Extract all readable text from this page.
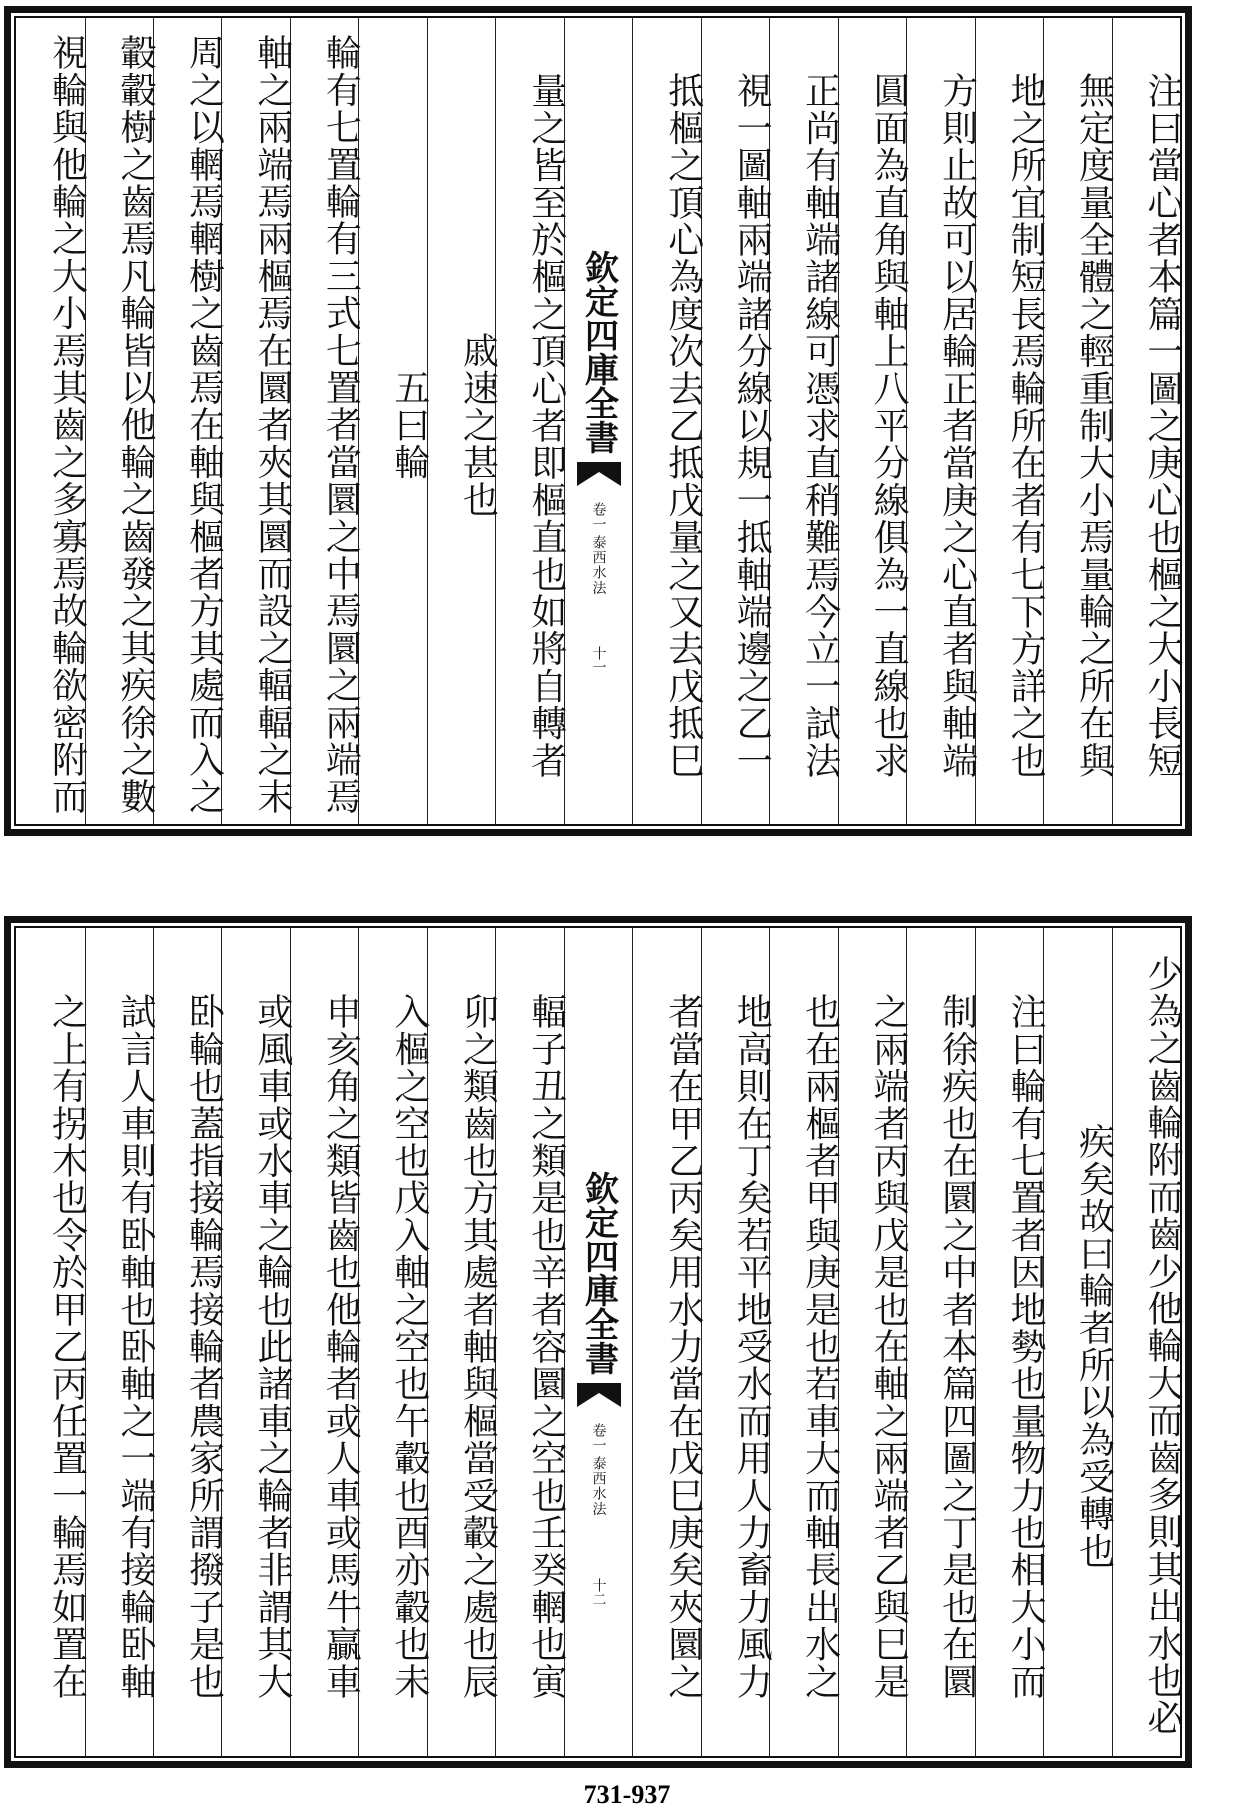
注曰當心者本篇一圖之庚心也樞之大小長短
無定度量全體之輕重制大小焉量輪之所在與
地之所宜制短長焉輪所在者有七下方詳之也
方則止故可以居輪正者當庚之心直者與軸端
圓面為直角與軸上八平分線俱為一直線也求
正尚有軸端諸線可憑求直稍難焉今立一試法
視一圖軸兩端諸分線以規一抵軸端邊之乙一
抵樞之頂心為度次去乙抵戊量之又去戊抵巳
欽定四庫全書
泰西水法
卷一
十一
量之皆至於樞之頂心者即樞直也如將自轉者
戚速之甚也
五曰輪
輪有七置輪有三式七置者當圜之中焉圜之兩端焉
軸之兩端焉兩樞焉在圜者夾其圜而設之輻輻之末
周之以輞焉輞樹之齒焉在軸與樞者方其處而入之
轂轂樹之齒焉凡輪皆以他輪之齒發之其疾徐之數
視輪與他輪之大小焉其齒之多寡焉故輪欲密附而
少為之齒輪附而齒少他輪大而齒多則其出水也必
疾矣故曰輪者所以為受轉也
注曰輪有七置者因地勢也量物力也相大小而
制徐疾也在圜之中者本篇四圖之丁是也在圜
之兩端者丙與戊是也在軸之兩端者乙與巳是
也在兩樞者甲與庚是也若車大而軸長出水之
地高則在丁矣若平地受水而用人力畜力風力
者當在甲乙丙矣用水力當在戊巳庚矣夾圜之
欽定四庫全書
泰西水法
卷一
十二
輻子丑之類是也辛者容圜之空也壬癸輞也寅
卯之類齒也方其處者軸與樞當受轂之處也辰
入樞之空也戊入軸之空也午轂也酉亦轂也未
申亥角之類皆齒也他輪者或人車或馬牛贏車
或風車或水車之輪也此諸車之輪者非謂其大
卧輪也蓋指接輪焉接輪者農家所謂撥子是也
試言人車則有卧軸也卧軸之一端有接輪卧軸
之上有拐木也令於甲乙丙任置一輪焉如置在
731-937
